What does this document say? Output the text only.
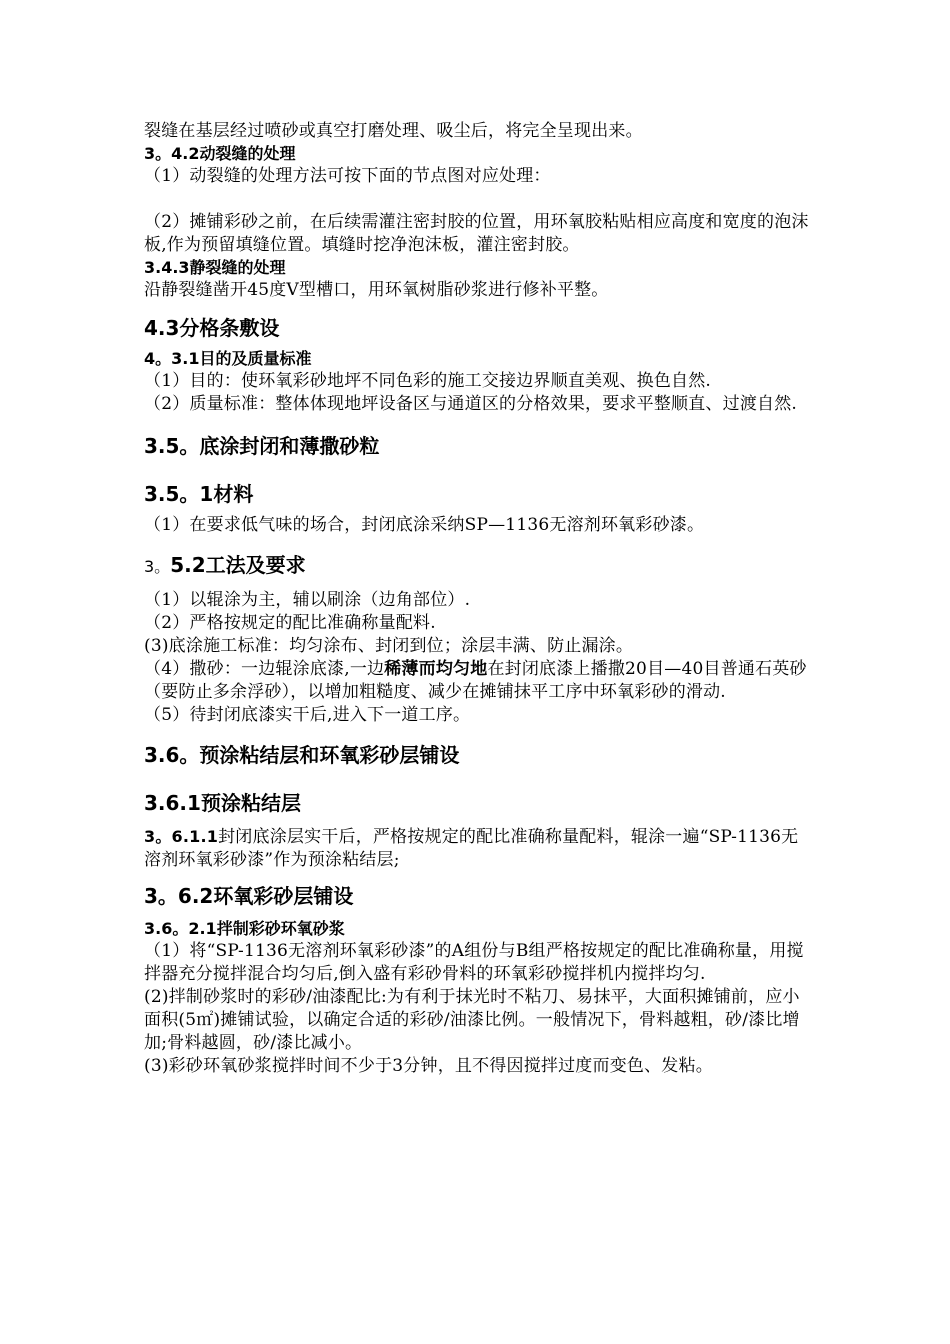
裂缝在基层经过喷砂或真空打磨处理、吸尘后，将完全呈现出来。

3。4.2动裂缝的处理

（1）动裂缝的处理方法可按下面的节点图对应处理：

（2）摊铺彩砂之前，在后续需灌注密封胶的位置，用环氧胶粘贴相应高度和宽度的泡沫板,作为预留填缝位置。填缝时挖净泡沫板，灌注密封胶。

3.4.3静裂缝的处理

沿静裂缝凿开45度V型槽口，用环氧树脂砂浆进行修补平整。

4.3分格条敷设
4。3.1目的及质量标准

（1）目的：使环氧彩砂地坪不同色彩的施工交接边界顺直美观、换色自然.

（2）质量标准：整体体现地坪设备区与通道区的分格效果，要求平整顺直、过渡自然.

3.5。底涂封闭和薄撒砂粒
3.5。1材料

（1）在要求低气味的场合，封闭底涂采纳SP—1136无溶剂环氧彩砂漆。

3。5.2工法及要求

（1）以辊涂为主，辅以刷涂（边角部位）.

（2）严格按规定的配比准确称量配料.

(3)底涂施工标准：均匀涂布、封闭到位；涂层丰满、防止漏涂。

（4）撒砂：一边辊涂底漆,一边稀薄而均匀地在封闭底漆上播撒20目—40目普通石英砂（要防止多余浮砂），以增加粗糙度、减少在摊铺抹平工序中环氧彩砂的滑动.

（5）待封闭底漆实干后,进入下一道工序。

3.6。预涂粘结层和环氧彩砂层铺设
3.6.1预涂粘结层

3。6.1.1封闭底涂层实干后，严格按规定的配比准确称量配料，辊涂一遍“SP-1136无溶剂环氧彩砂漆”作为预涂粘结层;

3。6.2环氧彩砂层铺设
3.6。2.1拌制彩砂环氧砂浆

（1）将“SP-1136无溶剂环氧彩砂漆”的A组份与B组严格按规定的配比准确称量，用搅拌器充分搅拌混合均匀后,倒入盛有彩砂骨料的环氧彩砂搅拌机内搅拌均匀.

(2)拌制砂浆时的彩砂/油漆配比:为有利于抹光时不粘刀、易抹平，大面积摊铺前，应小面积(5㎡)摊铺试验，以确定合适的彩砂/油漆比例。一般情况下，骨料越粗，砂/漆比增加;骨料越圆，砂/漆比减小。

(3)彩砂环氧砂浆搅拌时间不少于3分钟，且不得因搅拌过度而变色、发粘。
